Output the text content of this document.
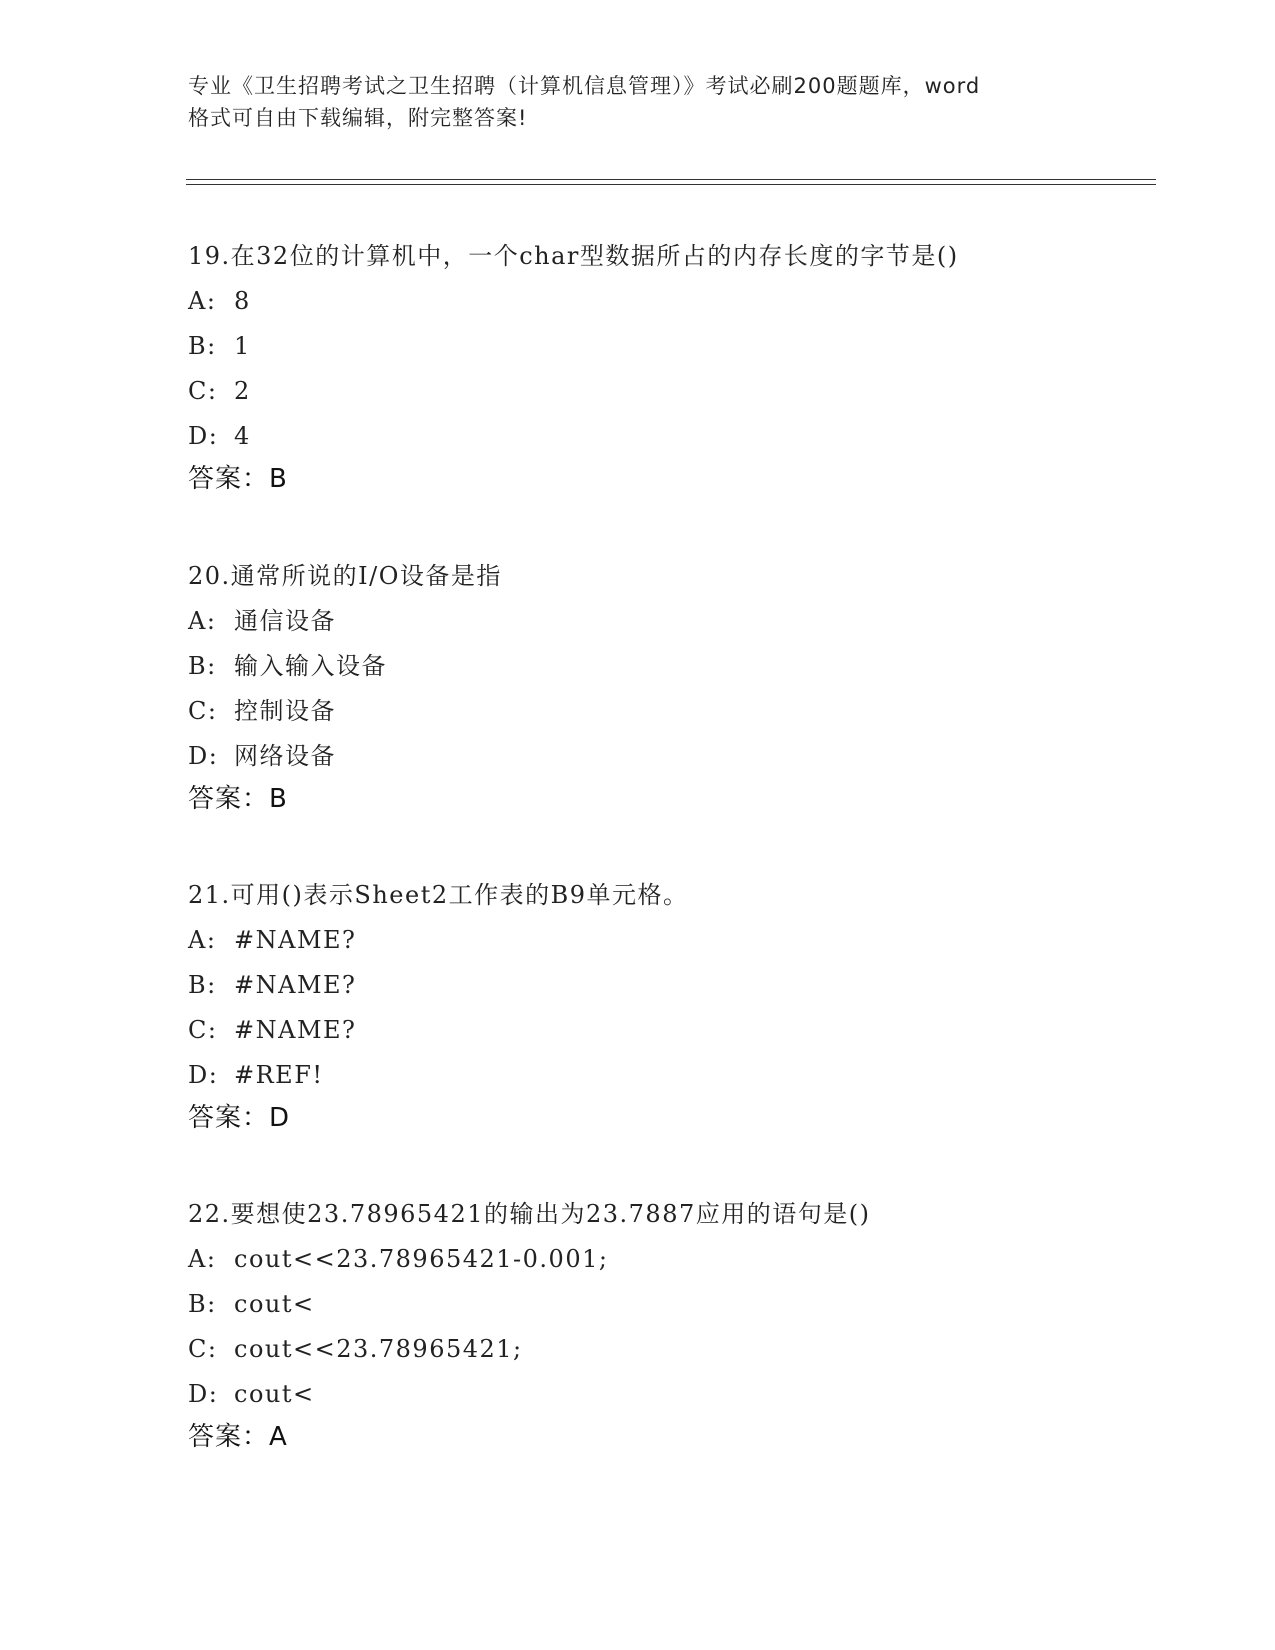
专业《卫生招聘考试之卫生招聘（计算机信息管理）》考试必刷200题题库，word
格式可自由下载编辑，附完整答案!
19.在32位的计算机中，一个char型数据所占的内存长度的字节是()
A: 8
B: 1
C: 2
D: 4
答案：B
20.通常所说的I/O设备是指
A: 通信设备
B: 输入输入设备
C: 控制设备
D: 网络设备
答案：B
21.可用()表示Sheet2工作表的B9单元格。
A: #NAME?
B: #NAME?
C: #NAME?
D: #REF!
答案：D
22.要想使23.78965421的输出为23.7887应用的语句是()
A: cout<<23.78965421-0.001;
B: cout<
C: cout<<23.78965421;
D: cout<
答案：A
